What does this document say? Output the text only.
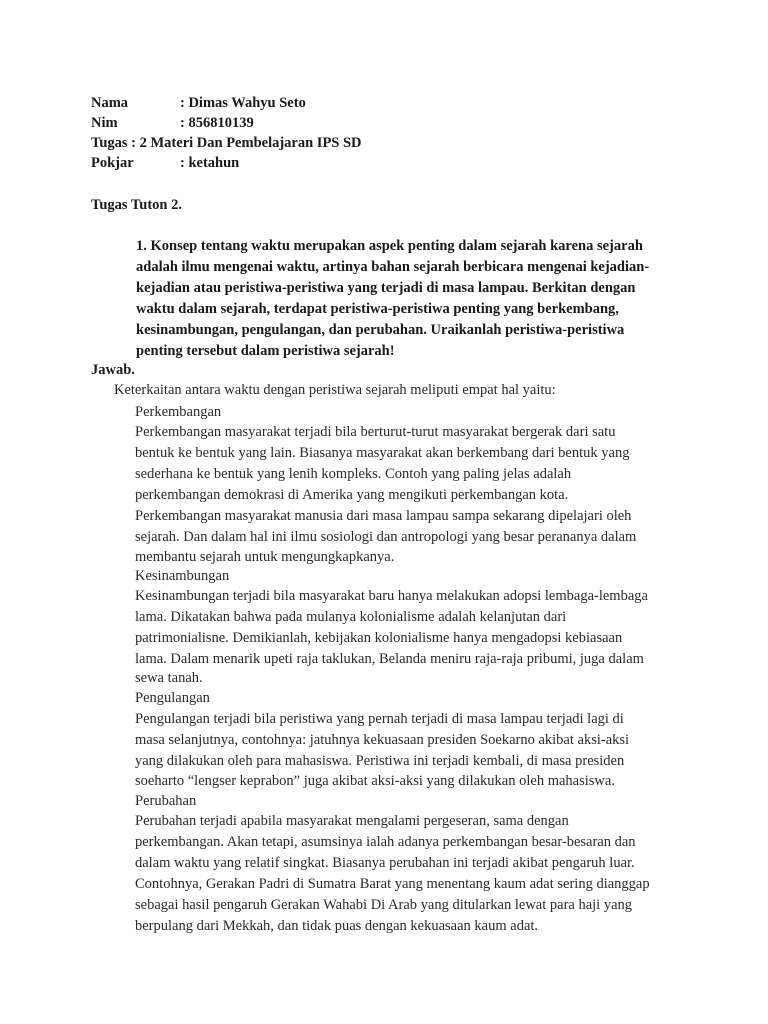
Nama	: Dimas Wahyu Seto
Nim	: 856810139
Tugas : 2 Materi Dan Pembelajaran IPS SD
Pokjar	: ketahun
Tugas Tuton 2.
1. Konsep tentang waktu merupakan aspek penting dalam sejarah karena sejarah
adalah ilmu mengenai waktu, artinya bahan sejarah berbicara mengenai kejadian-
kejadian atau peristiwa-peristiwa yang terjadi di masa lampau. Berkitan dengan
waktu dalam sejarah, terdapat peristiwa-peristiwa penting yang berkembang,
kesinambungan, pengulangan, dan perubahan. Uraikanlah peristiwa-peristiwa
penting tersebut dalam peristiwa sejarah!
Jawab.
Keterkaitan antara waktu dengan peristiwa sejarah meliputi empat hal yaitu:
Perkembangan
Perkembangan masyarakat terjadi bila berturut-turut masyarakat bergerak dari satu
bentuk ke bentuk yang lain. Biasanya masyarakat akan berkembang dari bentuk yang
sederhana ke bentuk yang lenih kompleks. Contoh yang paling jelas adalah
perkembangan demokrasi di Amerika yang mengikuti perkembangan kota.
Perkembangan masyarakat manusia dari masa lampau sampa sekarang dipelajari oleh
sejarah. Dan dalam hal ini ilmu sosiologi dan antropologi yang besar perananya dalam
membantu sejarah untuk mengungkapkanya.
Kesinambungan
Kesinambungan terjadi bila masyarakat baru hanya melakukan adopsi lembaga-lembaga
lama. Dikatakan bahwa pada mulanya kolonialisme adalah kelanjutan dari
patrimonialisne. Demikianlah, kebijakan kolonialisme hanya mengadopsi kebiasaan
lama. Dalam menarik upeti raja taklukan, Belanda meniru raja-raja pribumi, juga dalam
sewa tanah.
Pengulangan
Pengulangan terjadi bila peristiwa yang pernah terjadi di masa lampau terjadi lagi di
masa selanjutnya, contohnya: jatuhnya kekuasaan presiden Soekarno akibat aksi-aksi
yang dilakukan oleh para mahasiswa. Peristiwa ini terjadi kembali, di masa presiden
soeharto “lengser keprabon” juga akibat aksi-aksi yang dilakukan oleh mahasiswa.
Perubahan
Perubahan terjadi apabila masyarakat mengalami pergeseran, sama dengan
perkembangan. Akan tetapi, asumsinya ialah adanya perkembangan besar-besaran dan
dalam waktu yang relatif singkat. Biasanya perubahan ini terjadi akibat pengaruh luar.
Contohnya, Gerakan Padri di Sumatra Barat yang menentang kaum adat sering dianggap
sebagai hasil pengaruh Gerakan Wahabi Di Arab yang ditularkan lewat para haji yang
berpulang dari Mekkah, dan tidak puas dengan kekuasaan kaum adat.
